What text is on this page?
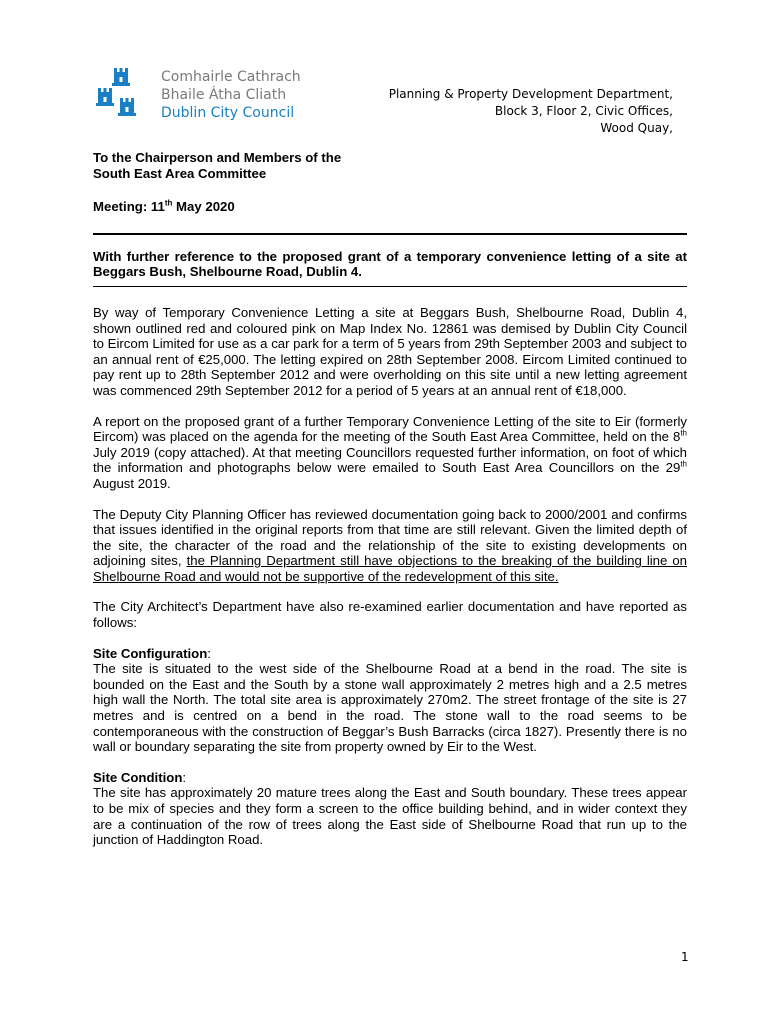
Comhairle Cathrach
Bhaile Átha Cliath
Dublin City Council
Planning & Property Development Department,
Block 3, Floor 2, Civic Offices,
Wood Quay,

To the Chairperson and Members of the

South East Area Committee

Meeting: 11th May 2020

With further reference to the proposed grant of a temporary convenience letting of a site at Beggars Bush, Shelbourne Road, Dublin 4.

By way of Temporary Convenience Letting a site at Beggars Bush, Shelbourne Road, Dublin 4, shown outlined red and coloured pink on Map Index No. 12861 was demised by Dublin City Council to Eircom Limited for use as a car park for a term of 5 years from 29th September 2003 and subject to an annual rent of €25,000. The letting expired on 28th September 2008. Eircom Limited continued to pay rent up to 28th September 2012 and were overholding on this site until a new letting agreement was commenced 29th September 2012 for a period of 5 years at an annual rent of €18,000.

A report on the proposed grant of a further Temporary Convenience Letting of the site to Eir (formerly Eircom) was placed on the agenda for the meeting of the South East Area Committee, held on the 8th July 2019 (copy attached). At that meeting Councillors requested further information, on foot of which the information and photographs below were emailed to South East Area Councillors on the 29th August 2019.

The Deputy City Planning Officer has reviewed documentation going back to 2000/2001 and confirms that issues identified in the original reports from that time are still relevant. Given the limited depth of the site, the character of the road and the relationship of the site to existing developments on adjoining sites, the Planning Department still have objections to the breaking of the building line on Shelbourne Road and would not be supportive of the redevelopment of this site.

The City Architect’s Department have also re-examined earlier documentation and have reported as follows:

Site Configuration:

The site is situated to the west side of the Shelbourne Road at a bend in the road. The site is bounded on the East and the South by a stone wall approximately 2 metres high and a 2.5 metres high wall the North. The total site area is approximately 270m2. The street frontage of the site is 27 metres and is centred on a bend in the road. The stone wall to the road seems to be contemporaneous with the construction of Beggar’s Bush Barracks (circa 1827). Presently there is no wall or boundary separating the site from property owned by Eir to the West.

Site Condition:

The site has approximately 20 mature trees along the East and South boundary. These trees appear to be mix of species and they form a screen to the office building behind, and in wider context they are a continuation of the row of trees along the East side of Shelbourne Road that run up to the junction of Haddington Road.

1
